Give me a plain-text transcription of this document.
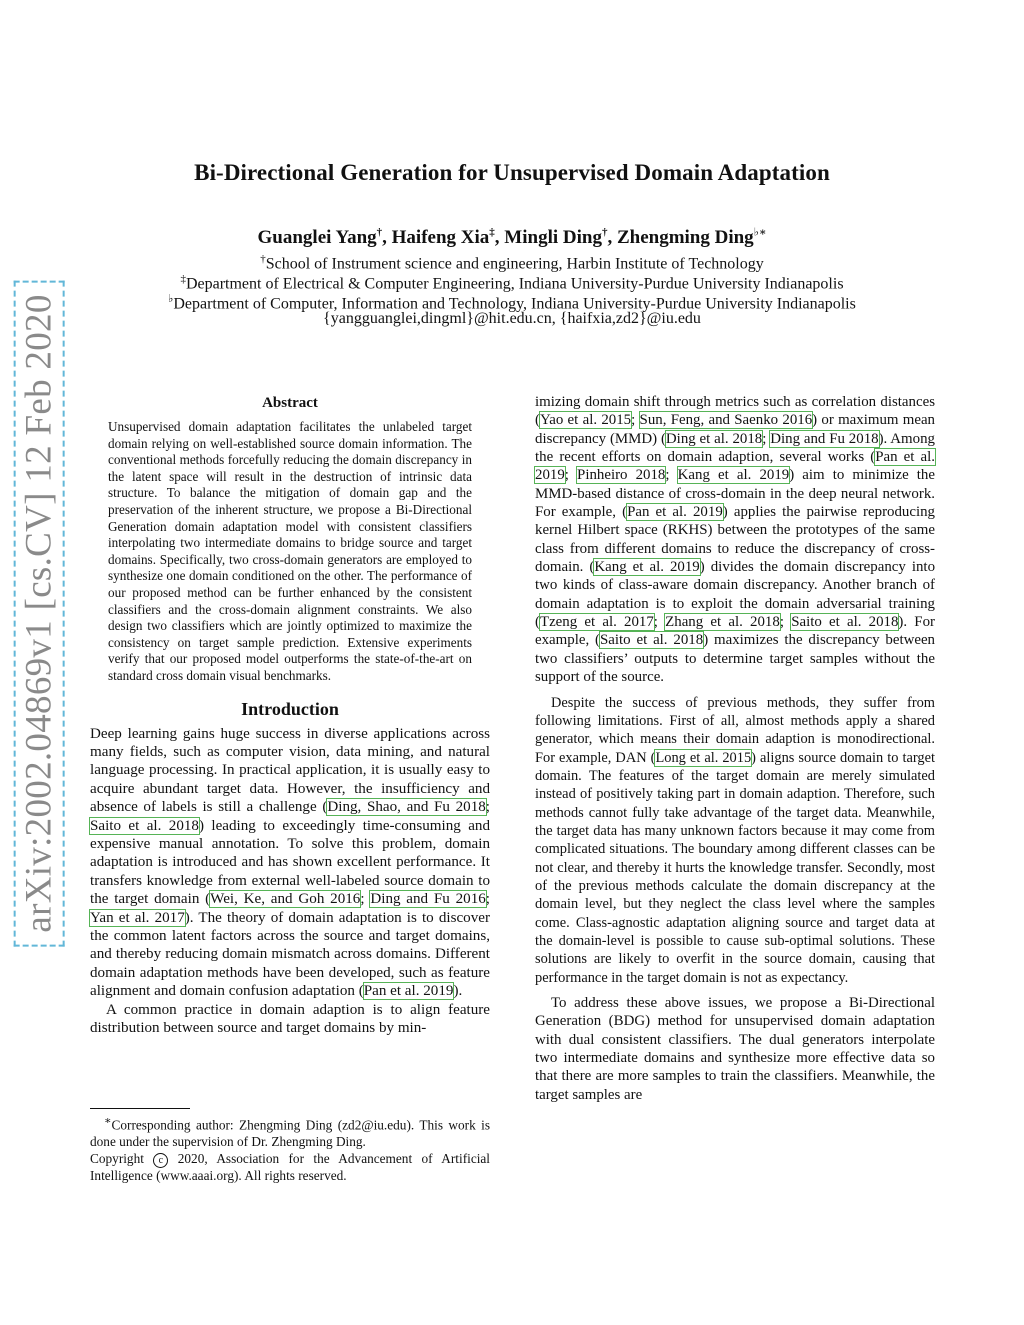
arXiv:2002.04869v1 [cs.CV] 12 Feb 2020
Bi-Directional Generation for Unsupervised Domain Adaptation
Guanglei Yang†, Haifeng Xia‡, Mingli Ding†, Zhengming Ding♭∗
†School of Instrument science and engineering, Harbin Institute of Technology
‡Department of Electrical & Computer Engineering, Indiana University-Purdue University Indianapolis
♭Department of Computer, Information and Technology, Indiana University-Purdue University Indianapolis
{yangguanglei,dingml}@hit.edu.cn, {haifxia,zd2}@iu.edu
Abstract

Unsupervised domain adaptation facilitates the unlabeled target domain relying on well-established source domain information. The conventional methods forcefully reducing the domain discrepancy in the latent space will result in the destruction of intrinsic data structure. To balance the mitigation of domain gap and the preservation of the inherent structure, we propose a Bi-Directional Generation domain adaptation model with consistent classifiers interpolating two intermediate domains to bridge source and target domains. Specifically, two cross-domain generators are employed to synthesize one domain conditioned on the other. The performance of our proposed method can be further enhanced by the consistent classifiers and the cross-domain alignment constraints. We also design two classifiers which are jointly optimized to maximize the consistency on target sample prediction. Extensive experiments verify that our proposed model outperforms the state-of-the-art on standard cross domain visual benchmarks.

Introduction

Deep learning gains huge success in diverse applications across many fields, such as computer vision, data mining, and natural language processing. In practical application, it is usually easy to acquire abundant target data. However, the insufficiency and absence of labels is still a challenge (Ding, Shao, and Fu 2018; Saito et al. 2018) leading to exceedingly time-consuming and expensive manual annotation. To solve this problem, domain adaptation is introduced and has shown excellent performance. It transfers knowledge from external well-labeled source domain to the target domain (Wei, Ke, and Goh 2016; Ding and Fu 2016; Yan et al. 2017). The theory of domain adaptation is to discover the common latent factors across the source and target domains, and thereby reducing domain mismatch across domains. Different domain adaptation methods have been developed, such as feature alignment and domain confusion adaptation (Pan et al. 2019).

A common practice in domain adaption is to align feature distribution between source and target domains by min-

imizing domain shift through metrics such as correlation distances (Yao et al. 2015; Sun, Feng, and Saenko 2016) or maximum mean discrepancy (MMD) (Ding et al. 2018; Ding and Fu 2018). Among the recent efforts on domain adaption, several works (Pan et al. 2019; Pinheiro 2018; Kang et al. 2019) aim to minimize the MMD-based distance of cross-domain in the deep neural network. For example, (Pan et al. 2019) applies the pairwise reproducing kernel Hilbert space (RKHS) between the prototypes of the same class from different domains to reduce the discrepancy of cross-domain. (Kang et al. 2019) divides the domain discrepancy into two kinds of class-aware domain discrepancy. Another branch of domain adaptation is to exploit the domain adversarial training (Tzeng et al. 2017; Zhang et al. 2018; Saito et al. 2018). For example, (Saito et al. 2018) maximizes the discrepancy between two classifiers’ outputs to determine target samples without the support of the source.

Despite the success of previous methods, they suffer from following limitations. First of all, almost methods apply a shared generator, which means their domain adaption is monodirectional. For example, DAN (Long et al. 2015) aligns source domain to target domain. The features of the target domain are merely simulated instead of positively taking part in domain adaption. Therefore, such methods cannot fully take advantage of the target data. Meanwhile, the target data has many unknown factors because it may come from complicated situations. The boundary among different classes can be not clear, and thereby it hurts the knowledge transfer. Secondly, most of the previous methods calculate the domain discrepancy at the domain level, but they neglect the class level where the samples come. Class-agnostic adaptation aligning source and target data at the domain-level is possible to cause sub-optimal solutions. These solutions are likely to overfit in the source domain, causing that performance in the target domain is not as expectancy.

To address these above issues, we propose a Bi-Directional Generation (BDG) method for unsupervised domain adaptation with dual consistent classifiers. The dual generators interpolate two intermediate domains and synthesize more effective data so that there are more samples to train the classifiers. Meanwhile, the target samples are

∗Corresponding author: Zhengming Ding (zd2@iu.edu). This work is done under the supervision of Dr. Zhengming Ding.

Copyright c 2020, Association for the Advancement of Artificial Intelligence (www.aaai.org). All rights reserved.
